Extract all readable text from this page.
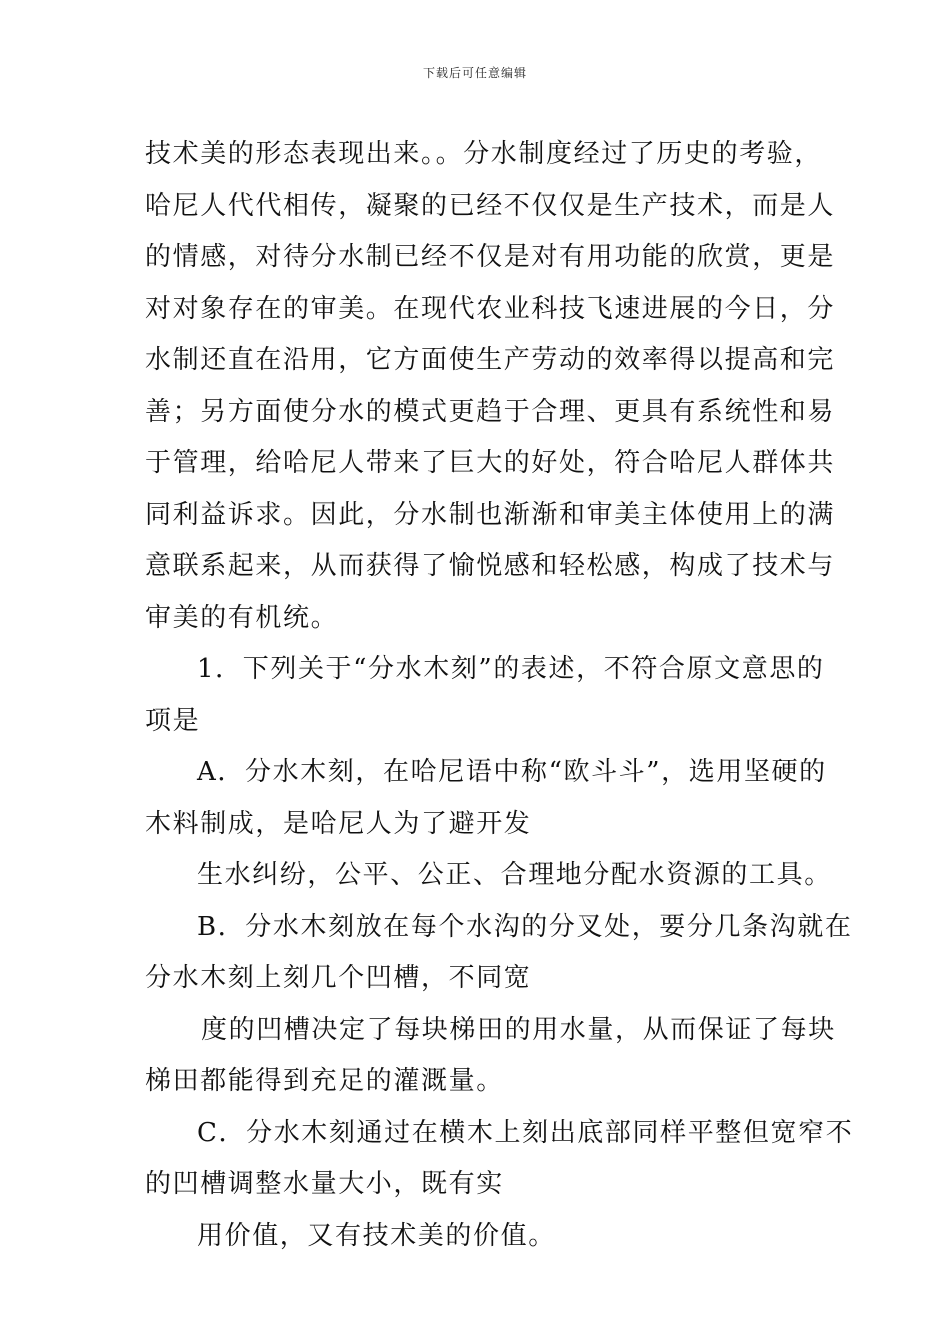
下载后可任意编辑
技术美的形态表现出来。。分水制度经过了历史的考验，
哈尼人代代相传，凝聚的已经不仅仅是生产技术，而是人
的情感，对待分水制已经不仅是对有用功能的欣赏，更是
对对象存在的审美。在现代农业科技飞速进展的今日，分
水制还直在沿用，它方面使生产劳动的效率得以提高和完
善；另方面使分水的模式更趋于合理、更具有系统性和易
于管理，给哈尼人带来了巨大的好处，符合哈尼人群体共
同利益诉求。因此，分水制也渐渐和审美主体使用上的满
意联系起来，从而获得了愉悦感和轻松感，构成了技术与
审美的有机统。
1．下列关于“分水木刻”的表述，不符合原文意思的
项是
A．分水木刻，在哈尼语中称“欧斗斗”，选用坚硬的
木料制成，是哈尼人为了避开发
生水纠纷，公平、公正、合理地分配水资源的工具。
B．分水木刻放在每个水沟的分叉处，要分几条沟就在
分水木刻上刻几个凹槽，不同宽
度的凹槽决定了每块梯田的用水量，从而保证了每块
梯田都能得到充足的灌溉量。
C．分水木刻通过在横木上刻出底部同样平整但宽窄不
的凹槽调整水量大小，既有实
用价值，又有技术美的价值。
